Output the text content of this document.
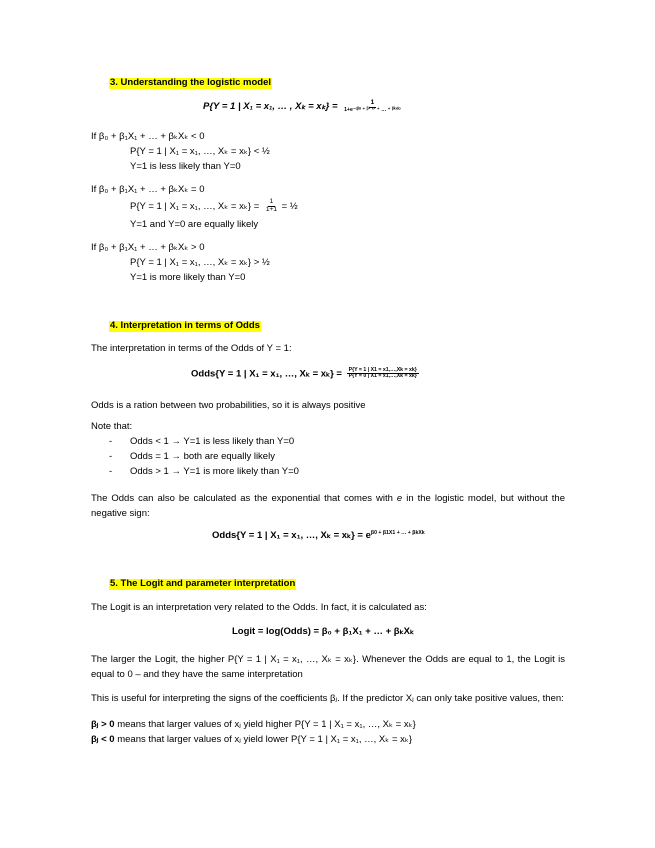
3. Understanding the logistic model
P{Y = 1 | X₁ = x₁, … , $X_k = x_k\} = \frac{1}{\text{1+e⁻⁽ᵝ⁰ ⁺ ᵝ¹ ˣ¹ ⁺ … ⁺ ᵝᵏˣᵏ⁾}}$
If β₀ + β₁X₁ + … + βₖXₖ < 0
P{Y = 1 | X₁ = x₁, …, Xₖ = xₖ} < ½
Y=1 is less likely than Y=0
If β₀ + β₁X₁ + … + βₖXₖ = 0
P{Y = 1 | X₁ = x₁, …, $X_k = x_k\} = \frac{1}{1+1}$ = ½
Y=1 and Y=0 are equally likely
If β₀ + β₁X₁ + … + βₖXₖ > 0
P{Y = 1 | X₁ = x₁, …, Xₖ = xₖ} > ½
Y=1 is more likely than Y=0
4. Interpretation in terms of Odds
The interpretation in terms of the Odds of Y = 1:
Odds{Y = 1 | X₁ = x₁, …, $X_k = x_k\} = \frac{P\{Y = 1 | X1 = x1,\dots,Xk = xk\}}{P\{Y = 0 | X1 = x1,\dots,Xk = xk\}}$
Odds is a ration between two probabilities, so it is always positive
Note that:
- Odds < 1 → Y=1 is less likely than Y=0
- Odds = 1 → both are equally likely
- Odds > 1 → Y=1 is more likely than Y=0
The Odds can also be calculated as the exponential that comes with e in the logistic model, but without the negative sign:
Odds{Y = 1 | X₁ = x₁, …, $X_k = x_k\} = e^{\beta 0 + \beta 1X1 + \dots + \beta kXk}$
5. The Logit and parameter interpretation
The Logit is an interpretation very related to the Odds. In fact, it is calculated as:
Logit = log(Odds) = β₀ + β₁X₁ + … + βₖXₖ
The larger the Logit, the higher P{Y = 1 | X₁ = x₁, …, Xₖ = xₖ}. Whenever the Odds are equal to 1, the Logit is equal to 0 – and they have the same interpretation
This is useful for interpreting the signs of the coefficients βⱼ. If the predictor Xⱼ can only take positive values, then:
βⱼ > 0 means that larger values of xⱼ yield higher P{Y = 1 | X₁ = x₁, …, Xₖ = xₖ}
βⱼ < 0 means that larger values of xⱼ yield lower P{Y = 1 | X₁ = x₁, …, Xₖ = xₖ}
